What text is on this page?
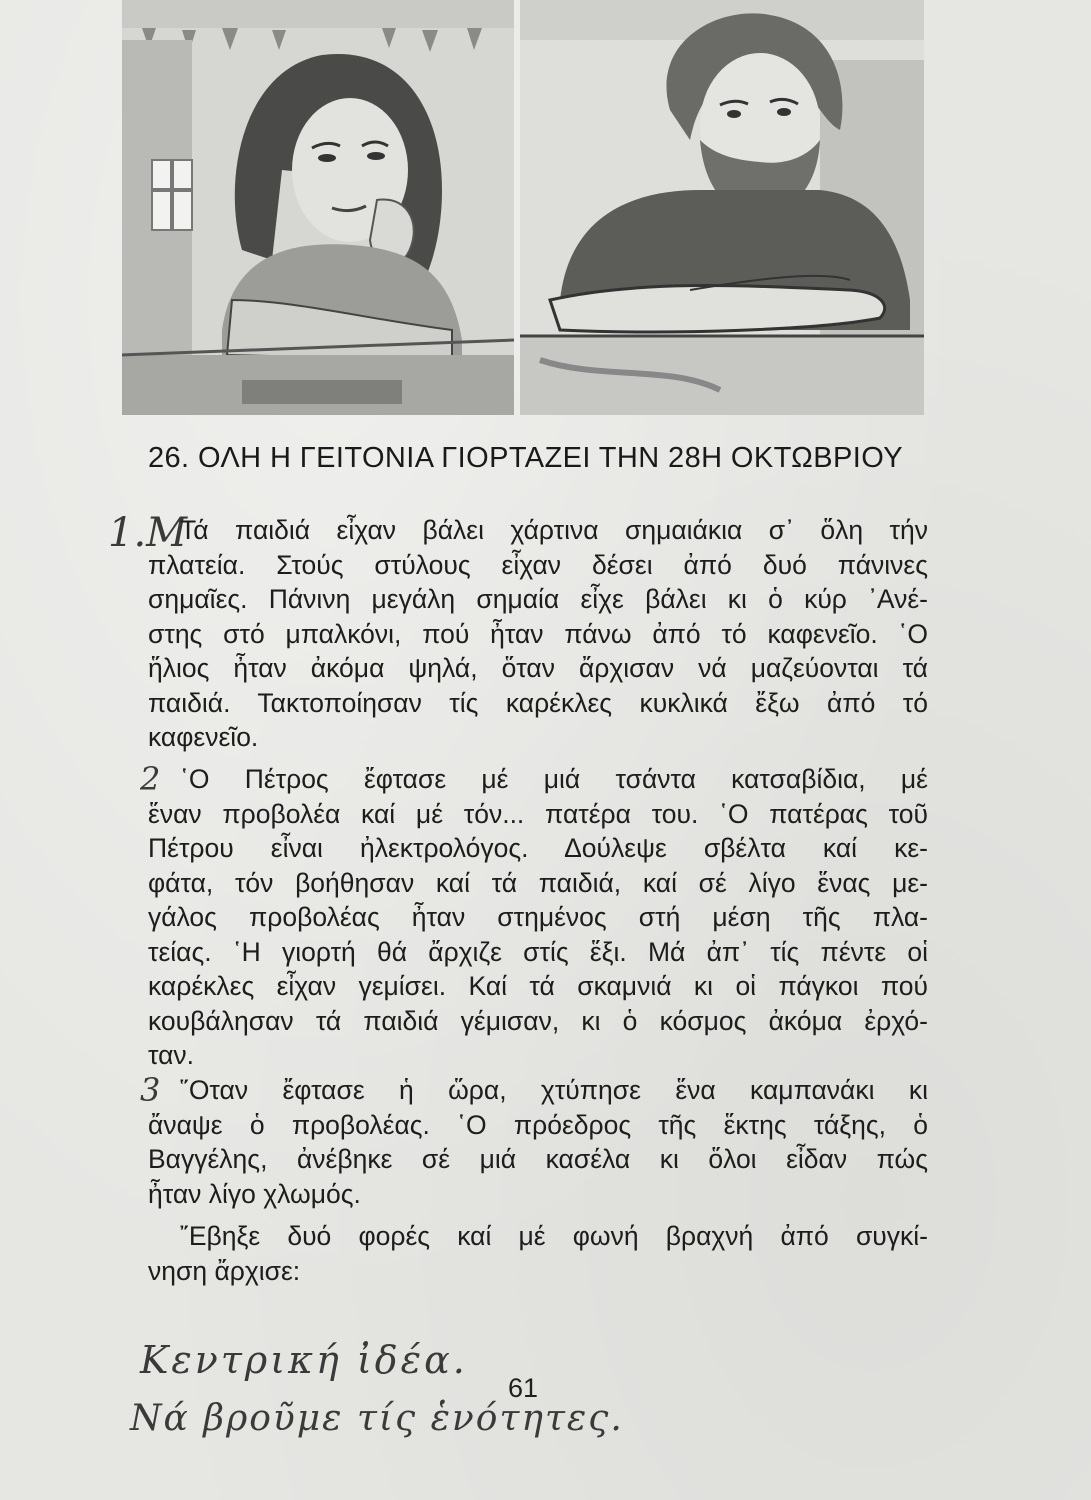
26. ΟΛΗ Η ΓΕΙΤΟΝΙΑ ΓΙΟΡΤΑΖΕΙ ΤΗΝ 28Η ΟΚΤΩΒΡΙΟΥ
1.Μ
2
3

Τά παιδιά εἶχαν βάλει χάρτινα σημαιάκια σ᾽ ὅλη τήν
πλατεία. Στούς στύλους εἶχαν δέσει ἀπό δυό πάνινες
σημαῖες. Πάνινη μεγάλη σημαία εἶχε βάλει κι ὁ κύρ ᾽Ανέ-
στης στό μπαλκόνι, πού ἦταν πάνω ἀπό τό καφενεῖο. ῾Ο
ἥλιος ἦταν ἀκόμα ψηλά, ὅταν ἄρχισαν νά μαζεύονται τά
παιδιά. Τακτοποίησαν τίς καρέκλες κυκλικά ἔξω ἀπό τό
καφενεῖο.

῾Ο Πέτρος ἔφτασε μέ μιά τσάντα κατσαβίδια, μέ
ἕναν προβολέα καί μέ τόν... πατέρα του. ῾Ο πατέρας τοῦ
Πέτρου εἶναι ἠλεκτρολόγος. Δούλεψε σβέλτα καί κε-
φάτα, τόν βοήθησαν καί τά παιδιά, καί σέ λίγο ἕνας με-
γάλος προβολέας ἦταν στημένος στή μέση τῆς πλα-
τείας. ῾Η γιορτή θά ἄρχιζε στίς ἕξι. Μά ἀπ᾽ τίς πέντε οἱ
καρέκλες εἶχαν γεμίσει. Καί τά σκαμνιά κι οἱ πάγκοι πού
κουβάλησαν τά παιδιά γέμισαν, κι ὁ κόσμος ἀκόμα ἐρχό-
ταν.

῞Οταν ἔφτασε ἡ ὥρα, χτύπησε ἕνα καμπανάκι κι
ἄναψε ὁ προβολέας. ῾Ο πρόεδρος τῆς ἕκτης τάξης, ὁ
Βαγγέλης, ἀνέβηκε σέ μιά κασέλα κι ὅλοι εἶδαν πώς
ἦταν λίγο χλωμός.

῎Εβηξε δυό φορές καί μέ φωνή βραχνή ἀπό συγκί-
νηση ἄρχισε:

Κεντρική ἰδέα.
Νά βροῦμε τίς ἑνότητες.
61
